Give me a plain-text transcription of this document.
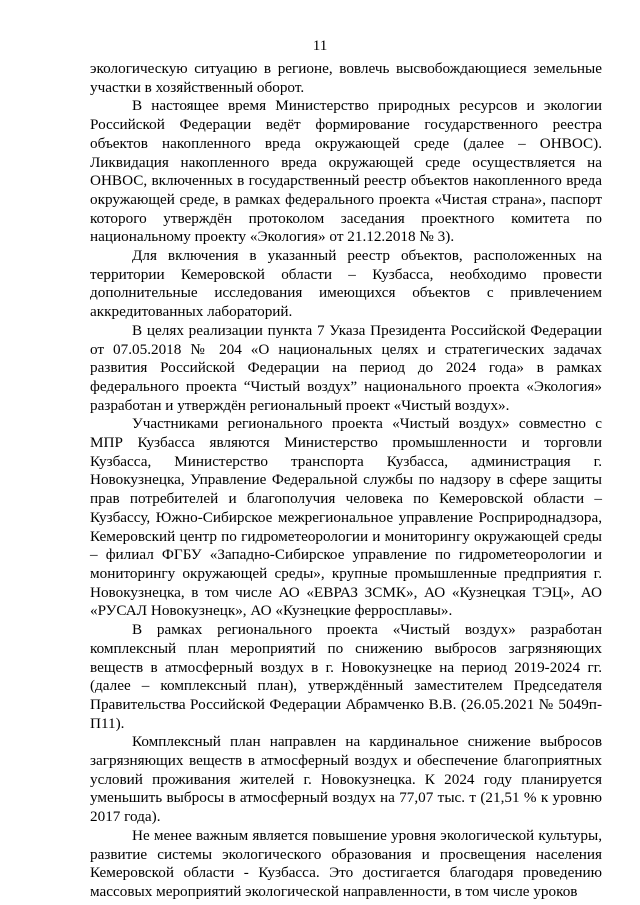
11

экологическую ситуацию в регионе, вовлечь высвобождающиеся земельные участки в хозяйственный оборот.

В настоящее время Министерство природных ресурсов и экологии Российской Федерации ведёт формирование государственного реестра объектов накопленного вреда окружающей среде (далее – ОНВОС). Ликвидация накопленного вреда окружающей среде осуществляется на ОНВОС, включенных в государственный реестр объектов накопленного вреда окружающей среде, в рамках федерального проекта «Чистая страна», паспорт которого утверждён протоколом заседания проектного комитета по национальному проекту «Экология» от 21.12.2018 № 3).

Для включения в указанный реестр объектов, расположенных на территории Кемеровской области – Кузбасса, необходимо провести дополнительные исследования имеющихся объектов с привлечением аккредитованных лабораторий.

В целях реализации пункта 7 Указа Президента Российской Федерации от 07.05.2018 № 204 «О национальных целях и стратегических задачах развития Российской Федерации на период до 2024 года» в рамках федерального проекта “Чистый воздух” национального проекта «Экология» разработан и утверждён региональный проект «Чистый воздух».

Участниками регионального проекта «Чистый воздух» совместно с МПР Кузбасса являются Министерство промышленности и торговли Кузбасса, Министерство транспорта Кузбасса, администрация г. Новокузнецка, Управление Федеральной службы по надзору в сфере защиты прав потребителей и благополучия человека по Кемеровской области – Кузбассу, Южно-Сибирское межрегиональное управление Росприроднадзора, Кемеровский центр по гидрометеорологии и мониторингу окружающей среды – филиал ФГБУ «Западно-Сибирское управление по гидрометеорологии и мониторингу окружающей среды», крупные промышленные предприятия г. Новокузнецка, в том числе АО «ЕВРАЗ ЗСМК», АО «Кузнецкая ТЭЦ», АО «РУСАЛ Новокузнецк», АО «Кузнецкие ферросплавы».

В рамках регионального проекта «Чистый воздух» разработан комплексный план мероприятий по снижению выбросов загрязняющих веществ в атмосферный воздух в г. Новокузнецке на период 2019-2024 гг. (далее – комплексный план), утверждённый заместителем Председателя Правительства Российской Федерации Абрамченко В.В. (26.05.2021 № 5049п-П11).

Комплексный план направлен на кардинальное снижение выбросов загрязняющих веществ в атмосферный воздух и обеспечение благоприятных условий проживания жителей г. Новокузнецка. К 2024 году планируется уменьшить выбросы в атмосферный воздух на 77,07 тыс. т (21,51 % к уровню 2017 года).

Не менее важным является повышение уровня экологической культуры, развитие системы экологического образования и просвещения населения Кемеровской области - Кузбасса. Это достигается благодаря проведению массовых мероприятий экологической направленности, в том числе уроков
